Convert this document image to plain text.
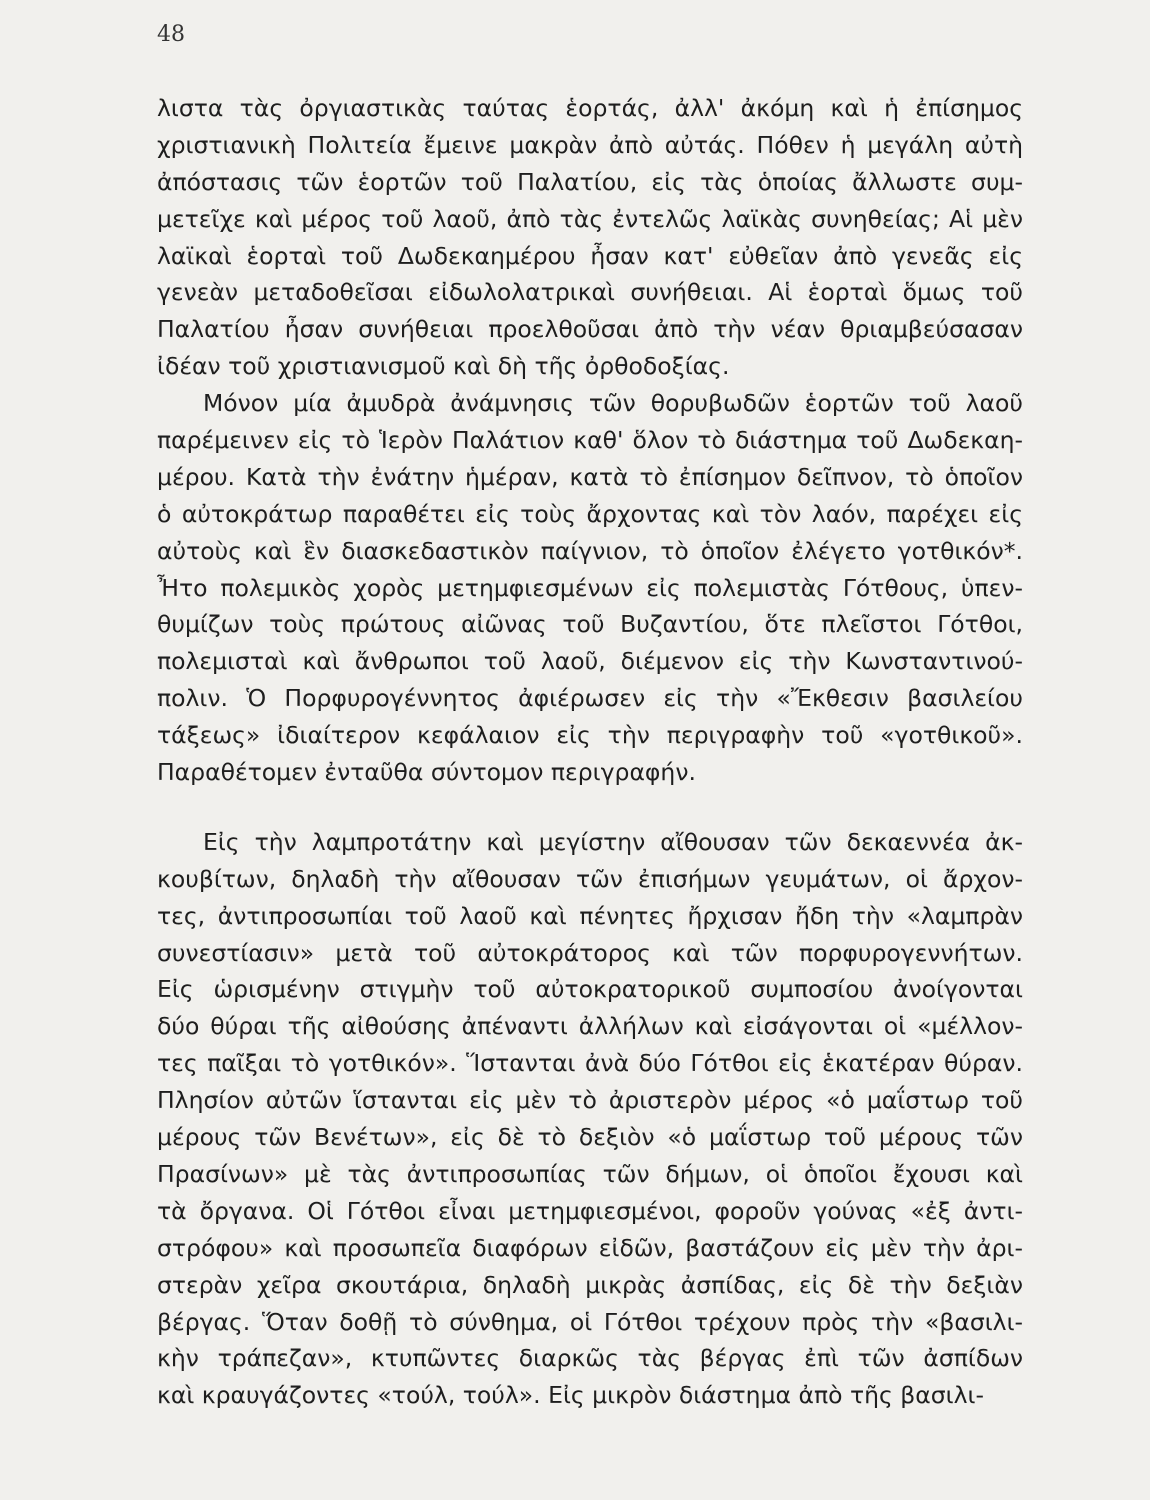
48
λιστα τὰς ὀργιαστικὰς ταύτας ἑορτάς, ἀλλ' ἀκόμη καὶ ἡ ἐπίσημος
χριστιανικὴ Πολιτεία ἔμεινε μακρὰν ἀπὸ αὐτάς. Πόθεν ἡ μεγάλη αὐτὴ
ἀπόστασις τῶν ἑορτῶν τοῦ Παλατίου, εἰς τὰς ὁποίας ἄλλωστε συμ-
μετεῖχε καὶ μέρος τοῦ λαοῦ, ἀπὸ τὰς ἐντελῶς λαϊκὰς συνηθείας; Αἱ μὲν
λαϊκαὶ ἑορταὶ τοῦ Δωδεκαημέρου ἦσαν κατ' εὐθεῖαν ἀπὸ γενεᾶς εἰς
γενεὰν μεταδοθεῖσαι εἰδωλολατρικαὶ συνήθειαι. Αἱ ἑορταὶ ὅμως τοῦ
Παλατίου ἦσαν συνήθειαι προελθοῦσαι ἀπὸ τὴν νέαν θριαμβεύσασαν
ἰδέαν τοῦ χριστιανισμοῦ καὶ δὴ τῆς ὀρθοδοξίας.
Μόνον μία ἀμυδρὰ ἀνάμνησις τῶν θορυβωδῶν ἑορτῶν τοῦ λαοῦ
παρέμεινεν εἰς τὸ Ἱερὸν Παλάτιον καθ' ὅλον τὸ διάστημα τοῦ Δωδεκαη-
μέρου. Κατὰ τὴν ἐνάτην ἡμέραν, κατὰ τὸ ἐπίσημον δεῖπνον, τὸ ὁποῖον
ὁ αὐτοκράτωρ παραθέτει εἰς τοὺς ἄρχοντας καὶ τὸν λαόν, παρέχει εἰς
αὐτοὺς καὶ ἓν διασκεδαστικὸν παίγνιον, τὸ ὁποῖον ἐλέγετο γοτθικόν*.
Ἦτο πολεμικὸς χορὸς μετημφιεσμένων εἰς πολεμιστὰς Γότθους, ὑπεν-
θυμίζων τοὺς πρώτους αἰῶνας τοῦ Βυζαντίου, ὅτε πλεῖστοι Γότθοι,
πολεμισταὶ καὶ ἄνθρωποι τοῦ λαοῦ, διέμενον εἰς τὴν Κωνσταντινού-
πολιν. Ὁ Πορφυρογέννητος ἀφιέρωσεν εἰς τὴν «Ἔκθεσιν βασιλείου
τάξεως» ἰδιαίτερον κεφάλαιον εἰς τὴν περιγραφὴν τοῦ «γοτθικοῦ».
Παραθέτομεν ἐνταῦθα σύντομον περιγραφήν.
Εἰς τὴν λαμπροτάτην καὶ μεγίστην αἴθουσαν τῶν δεκαεννέα ἀκ-
κουβίτων, δηλαδὴ τὴν αἴθουσαν τῶν ἐπισήμων γευμάτων, οἱ ἄρχον-
τες, ἀντιπροσωπίαι τοῦ λαοῦ καὶ πένητες ἤρχισαν ἤδη τὴν «λαμπρὰν
συνεστίασιν» μετὰ τοῦ αὐτοκράτορος καὶ τῶν πορφυρογεννήτων.
Εἰς ὡρισμένην στιγμὴν τοῦ αὐτοκρατορικοῦ συμποσίου ἀνοίγονται
δύο θύραι τῆς αἰθούσης ἀπέναντι ἀλλήλων καὶ εἰσάγονται οἱ «μέλλον-
τες παῖξαι τὸ γοτθικόν». Ἵστανται ἀνὰ δύο Γότθοι εἰς ἑκατέραν θύραν.
Πλησίον αὐτῶν ἵστανται εἰς μὲν τὸ ἀριστερὸν μέρος «ὁ μαΐστωρ τοῦ
μέρους τῶν Βενέτων», εἰς δὲ τὸ δεξιὸν «ὁ μαΐστωρ τοῦ μέρους τῶν
Πρασίνων» μὲ τὰς ἀντιπροσωπίας τῶν δήμων, οἱ ὁποῖοι ἔχουσι καὶ
τὰ ὄργανα. Οἱ Γότθοι εἶναι μετημφιεσμένοι, φοροῦν γούνας «ἐξ ἀντι-
στρόφου» καὶ προσωπεῖα διαφόρων εἰδῶν, βαστάζουν εἰς μὲν τὴν ἀρι-
στερὰν χεῖρα σκουτάρια, δηλαδὴ μικρὰς ἀσπίδας, εἰς δὲ τὴν δεξιὰν
βέργας. Ὅταν δοθῇ τὸ σύνθημα, οἱ Γότθοι τρέχουν πρὸς τὴν «βασιλι-
κὴν τράπεζαν», κτυπῶντες διαρκῶς τὰς βέργας ἐπὶ τῶν ἀσπίδων
καὶ κραυγάζοντες «τούλ, τούλ». Εἰς μικρὸν διάστημα ἀπὸ τῆς βασιλι-
